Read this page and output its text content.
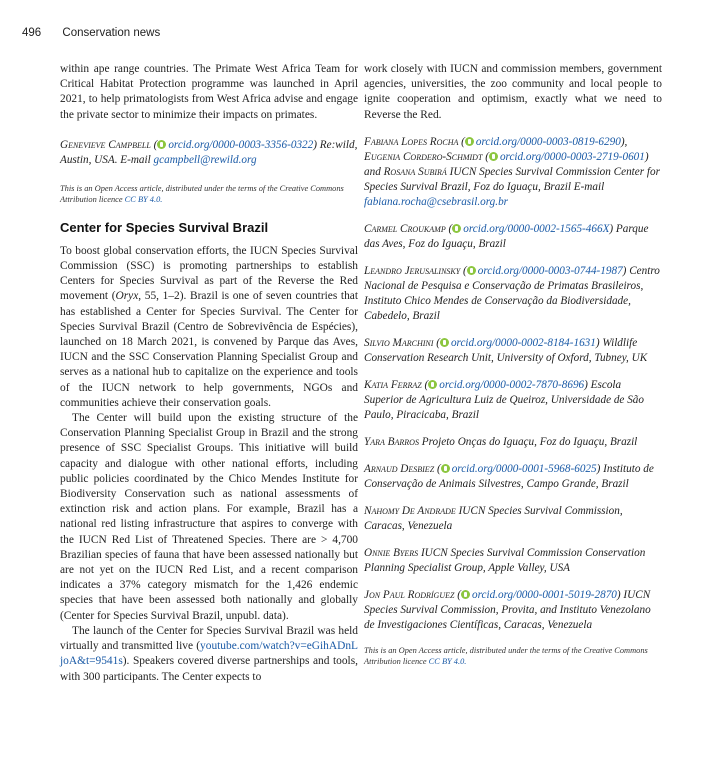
496 Conservation news

within ape range countries. The Primate West Africa Team for Critical Habitat Protection programme was launched in April 2021, to help primatologists from West Africa advise and engage the private sector to minimize their impacts on primates.

Genevieve Campbell ( orcid.org/0000-0003-3356-0322) Re:wild, Austin, USA. E-mail gcampbell@rewild.org

This is an Open Access article, distributed under the terms of the Creative Commons Attribution licence CC BY 4.0.

Center for Species Survival Brazil

To boost global conservation efforts, the IUCN Species Survival Commission (SSC) is promoting partnerships to establish Centers for Species Survival as part of the Reverse the Red movement (Oryx, 55, 1–2). Brazil is one of seven countries that has established a Center for Species Survival. The Center for Species Survival Brazil (Centro de Sobrevivência de Espécies), launched on 18 March 2021, is convened by Parque das Aves, IUCN and the SSC Conservation Planning Specialist Group and serves as a national hub to capitalize on the experience and tools of the IUCN network to help governments, NGOs and communities achieve their conservation goals.

The Center will build upon the existing structure of the Conservation Planning Specialist Group in Brazil and the strong presence of SSC Specialist Groups. This initiative will build capacity and dialogue with other national efforts, including public policies coordinated by the Chico Mendes Institute for Biodiversity Conservation such as national assessments of extinction risk and action plans. For example, Brazil has a national red listing infrastructure that aspires to converge with the IUCN Red List of Threatened Species. There are > 4,700 Brazilian species of fauna that have been assessed nationally but are not yet on the IUCN Red List, and a recent comparison indicates a 37% category mismatch for the 1,426 endemic species that have been assessed both nationally and globally (Center for Species Survival Brazil, unpubl. data).

The launch of the Center for Species Survival Brazil was held virtually and transmitted live (youtube.com/watch?v=eGihADnLjoA&t=9541s). Speakers covered diverse partnerships and tools, with 300 participants. The Center expects to

work closely with IUCN and commission members, government agencies, universities, the zoo community and local people to ignite cooperation and optimism, exactly what we need to Reverse the Red.

Fabiana Lopes Rocha ( orcid.org/0000-0003-0819-6290), Eugenia Cordero-Schmidt ( orcid.org/0000-0003-2719-0601) and Rosana Subirá IUCN Species Survival Commission Center for Species Survival Brazil, Foz do Iguaçu, Brazil E-mail fabiana.rocha@csebrasil.org.br

Carmel Croukamp ( orcid.org/0000-0002-1565-466X) Parque das Aves, Foz do Iguaçu, Brazil

Leandro Jerusalinsky ( orcid.org/0000-0003-0744-1987) Centro Nacional de Pesquisa e Conservação de Primatas Brasileiros, Instituto Chico Mendes de Conservação da Biodiversidade, Cabedelo, Brazil

Silvio Marchini ( orcid.org/0000-0002-8184-1631) Wildlife Conservation Research Unit, University of Oxford, Tubney, UK

Katia Ferraz ( orcid.org/0000-0002-7870-8696) Escola Superior de Agricultura Luiz de Queiroz, Universidade de São Paulo, Piracicaba, Brazil

Yara Barros Projeto Onças do Iguaçu, Foz do Iguaçu, Brazil

Arnaud Desbiez ( orcid.org/0000-0001-5968-6025) Instituto de Conservação de Animais Silvestres, Campo Grande, Brazil

Nahomy De Andrade IUCN Species Survival Commission, Caracas, Venezuela

Onnie Byers IUCN Species Survival Commission Conservation Planning Specialist Group, Apple Valley, USA

Jon Paul Rodríguez ( orcid.org/0000-0001-5019-2870) IUCN Species Survival Commission, Provita, and Instituto Venezolano de Investigaciones Científicas, Caracas, Venezuela

This is an Open Access article, distributed under the terms of the Creative Commons Attribution licence CC BY 4.0.
